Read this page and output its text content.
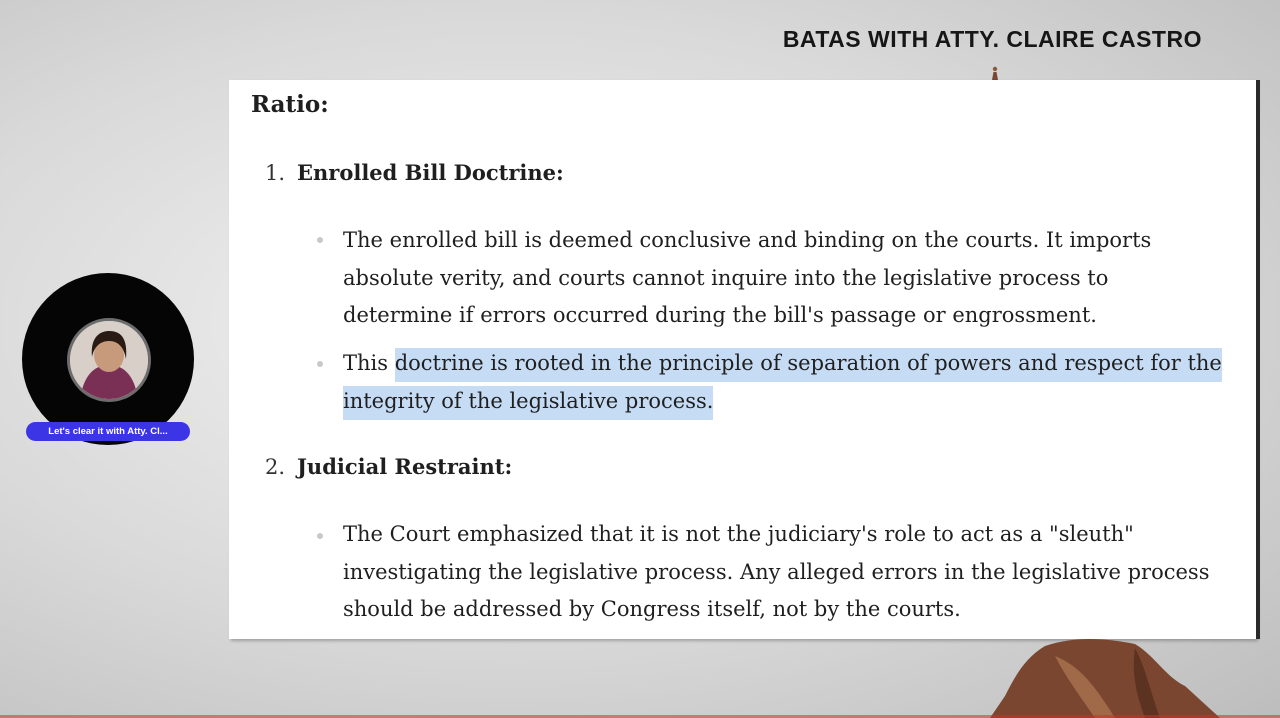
BATAS WITH ATTY. CLAIRE CASTRO
Ratio:
1. Enrolled Bill Doctrine:
The enrolled bill is deemed conclusive and binding on the courts. It imports absolute verity, and courts cannot inquire into the legislative process to determine if errors occurred during the bill's passage or engrossment.
This doctrine is rooted in the principle of separation of powers and respect for the integrity of the legislative process.
2. Judicial Restraint:
The Court emphasized that it is not the judiciary's role to act as a "sleuth" investigating the legislative process. Any alleged errors in the legislative process should be addressed by Congress itself, not by the courts.
Let's clear it with Atty. Cl...
